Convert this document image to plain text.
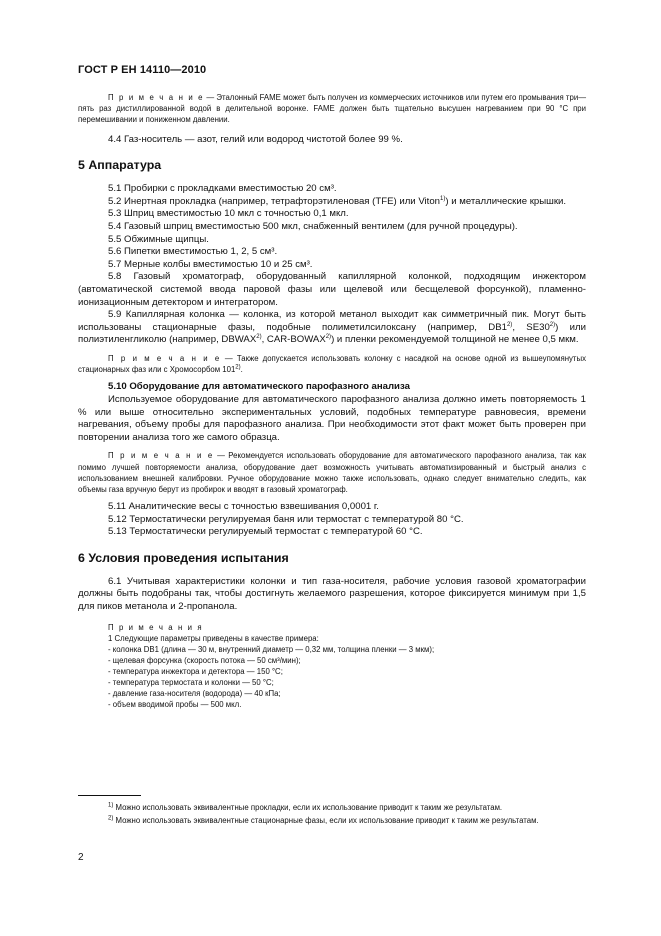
ГОСТ Р ЕН 14110—2010

П р и м е ч а н и е — Эталонный FAME может быть получен из коммерческих источников или путем его промывания три—пять раз дистиллированной водой в делительной воронке. FAME должен быть тщательно высушен нагреванием при 90 °С при перемешивании и пониженном давлении.

4.4 Газ-носитель — азот, гелий или водород чистотой более 99 %.

5 Аппаратура

5.1 Пробирки с прокладками вместимостью 20 см³.

5.2 Инертная прокладка (например, тетрафторэтиленовая (TFE) или Viton$^{1)}$) и металлические крышки.

5.3 Шприц вместимостью 10 мкл с точностью 0,1 мкл.

5.4 Газовый шприц вместимостью 500 мкл, снабженный вентилем (для ручной процедуры).

5.5 Обжимные щипцы.

5.6 Пипетки вместимостью 1, 2, 5 см³.

5.7 Мерные колбы вместимостью 10 и 25 см³.

5.8 Газовый хроматограф, оборудованный капиллярной колонкой, подходящим инжектором (автоматической системой ввода паровой фазы или щелевой или бесщелевой форсункой), пламенно-ионизационным детектором и интегратором.

5.9 Капиллярная колонка — колонка, из которой метанол выходит как симметричный пик. Могут быть использованы стационарные фазы, подобные полиметилсилоксану (например, DB1$^{2)}$, SE30$^{2)}$) или полиэтиленгликолю (например, DBWAX$^{2)}$, CAR-BOWAX$^{2)}$) и пленки рекомендуемой толщиной не менее 0,5 мкм.

П р и м е ч а н и е — Также допускается использовать колонку с насадкой на основе одной из вышеупомянутых стационарных фаз или с Хромосорбом 101$^{2)}$.

5.10 Оборудование для автоматического парофазного анализа

Используемое оборудование для автоматического парофазного анализа должно иметь повторяемость 1 % или выше относительно экспериментальных условий, подобных температуре равновесия, времени нагревания, объему пробы для парофазного анализа. При необходимости этот факт может быть проверен при повторении анализа того же самого образца.

П р и м е ч а н и е — Рекомендуется использовать оборудование для автоматического парофазного анализа, так как помимо лучшей повторяемости анализа, оборудование дает возможность учитывать автоматизированный и быстрый анализ с использованием внешней калибровки. Ручное оборудование можно также использовать, однако следует внимательно следить, как объемы газа вручную берут из пробирок и вводят в газовый хроматограф.

5.11 Аналитические весы с точностью взвешивания 0,0001 г.

5.12 Термостатически регулируемая баня или термостат с температурой 80 °С.

5.13 Термостатически регулируемый термостат с температурой 60 °С.

6 Условия проведения испытания

6.1 Учитывая характеристики колонки и тип газа-носителя, рабочие условия газовой хроматографии должны быть подобраны так, чтобы достигнуть желаемого разрешения, которое фиксируется минимум при 1,5 для пиков метанола и 2-пропанола.

П р и м е ч а н и я
1 Следующие параметры приведены в качестве примера:
- колонка DB1 (длина — 30 м, внутренний диаметр — 0,32 мм, толщина пленки — 3 мкм);
- щелевая форсунка (скорость потока — 50 см³/мин);
- температура инжектора и детектора — 150 °С;
- температура термостата и колонки — 50 °С;
- давление газа-носителя (водорода) — 40 кПа;
- объем вводимой пробы — 500 мкл.
$^{1)}$ Можно использовать эквивалентные прокладки, если их использование приводит к таким же результатам.
$^{2)}$ Можно использовать эквивалентные стационарные фазы, если их использование приводит к таким же результатам.
2
